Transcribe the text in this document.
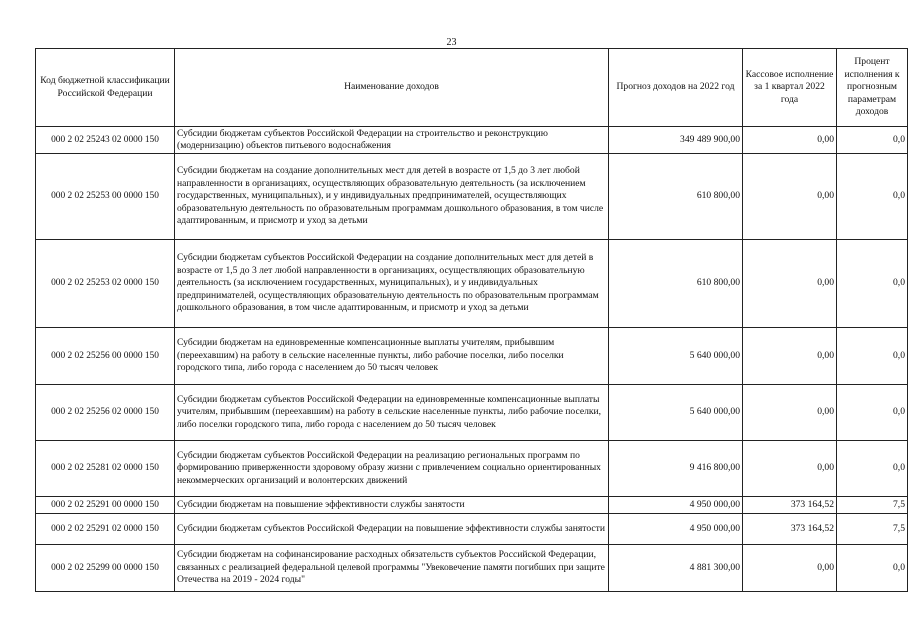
23
Код бюджетной классификации Российской Федерации	Наименование доходов	Прогноз доходов на 2022 год	Кассовое исполнение за 1 квартал 2022 года	Процент исполнения к прогнозным параметрам доходов
000 2 02 25243 02 0000 150	Субсидии бюджетам субъектов Российской Федерации на строительство и реконструкцию (модернизацию) объектов питьевого водоснабжения	349 489 900,00	0,00	0,0
000 2 02 25253 00 0000 150	Субсидии бюджетам на создание дополнительных мест для детей в возрасте от 1,5 до 3 лет любой направленности в организациях, осуществляющих образовательную деятельность (за исключением государственных, муниципальных), и у индивидуальных предпринимателей, осуществляющих образовательную деятельность по образовательным программам дошкольного образования, в том числе адаптированным, и присмотр и уход за детьми	610 800,00	0,00	0,0
000 2 02 25253 02 0000 150	Субсидии бюджетам субъектов Российской Федерации на создание дополнительных мест для детей в возрасте от 1,5 до 3 лет любой направленности в организациях, осуществляющих образовательную деятельность (за исключением государственных, муниципальных), и у индивидуальных предпринимателей, осуществляющих образовательную деятельность по образовательным программам дошкольного образования, в том числе адаптированным, и присмотр и уход за детьми	610 800,00	0,00	0,0
000 2 02 25256 00 0000 150	Субсидии бюджетам на единовременные компенсационные выплаты учителям, прибывшим (переехавшим) на работу в сельские населенные пункты, либо рабочие поселки, либо поселки городского типа, либо города с населением до 50 тысяч человек	5 640 000,00	0,00	0,0
000 2 02 25256 02 0000 150	Субсидии бюджетам субъектов Российской Федерации на единовременные компенсационные выплаты учителям, прибывшим (переехавшим) на работу в сельские населенные пункты, либо рабочие поселки, либо поселки городского типа, либо города с населением до 50 тысяч человек	5 640 000,00	0,00	0,0
000 2 02 25281 02 0000 150	Субсидии бюджетам субъектов Российской Федерации на реализацию региональных программ по формированию приверженности здоровому образу жизни с привлечением социально ориентированных некоммерческих организаций и волонтерских движений	9 416 800,00	0,00	0,0
000 2 02 25291 00 0000 150	Субсидии бюджетам на повышение эффективности службы занятости	4 950 000,00	373 164,52	7,5
000 2 02 25291 02 0000 150	Субсидии бюджетам субъектов Российской Федерации на повышение эффективности службы занятости	4 950 000,00	373 164,52	7,5
000 2 02 25299 00 0000 150	Субсидии бюджетам на софинансирование расходных обязательств субъектов Российской Федерации, связанных с реализацией федеральной целевой программы "Увековечение памяти погибших при защите Отечества на 2019 - 2024 годы"	4 881 300,00	0,00	0,0
